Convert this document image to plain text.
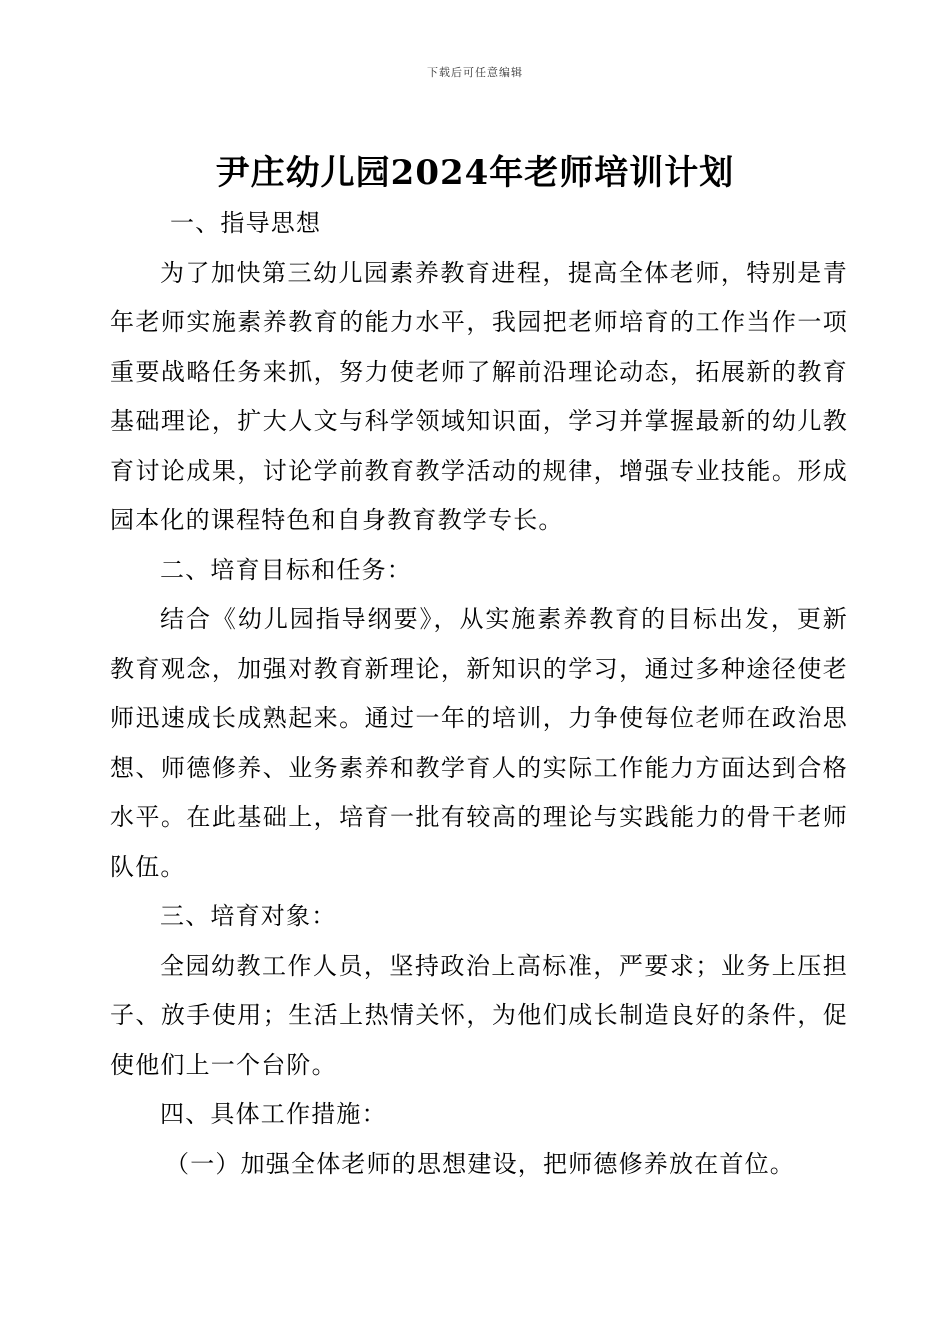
下载后可任意编辑
尹庄幼儿园2024年老师培训计划

一、指导思想

为了加快第三幼儿园素养教育进程，提高全体老师，特别是青年老师实施素养教育的能力水平，我园把老师培育的工作当作一项重要战略任务来抓，努力使老师了解前沿理论动态，拓展新的教育基础理论，扩大人文与科学领域知识面，学习并掌握最新的幼儿教育讨论成果，讨论学前教育教学活动的规律，增强专业技能。形成园本化的课程特色和自身教育教学专长。

二、培育目标和任务：

结合《幼儿园指导纲要》，从实施素养教育的目标出发，更新教育观念，加强对教育新理论，新知识的学习，通过多种途径使老师迅速成长成熟起来。通过一年的培训，力争使每位老师在政治思想、师德修养、业务素养和教学育人的实际工作能力方面达到合格水平。在此基础上，培育一批有较高的理论与实践能力的骨干老师队伍。

三、培育对象：

全园幼教工作人员，坚持政治上高标准，严要求；业务上压担子、放手使用；生活上热情关怀，为他们成长制造良好的条件，促使他们上一个台阶。

四、具体工作措施：

（一）加强全体老师的思想建设，把师德修养放在首位。
